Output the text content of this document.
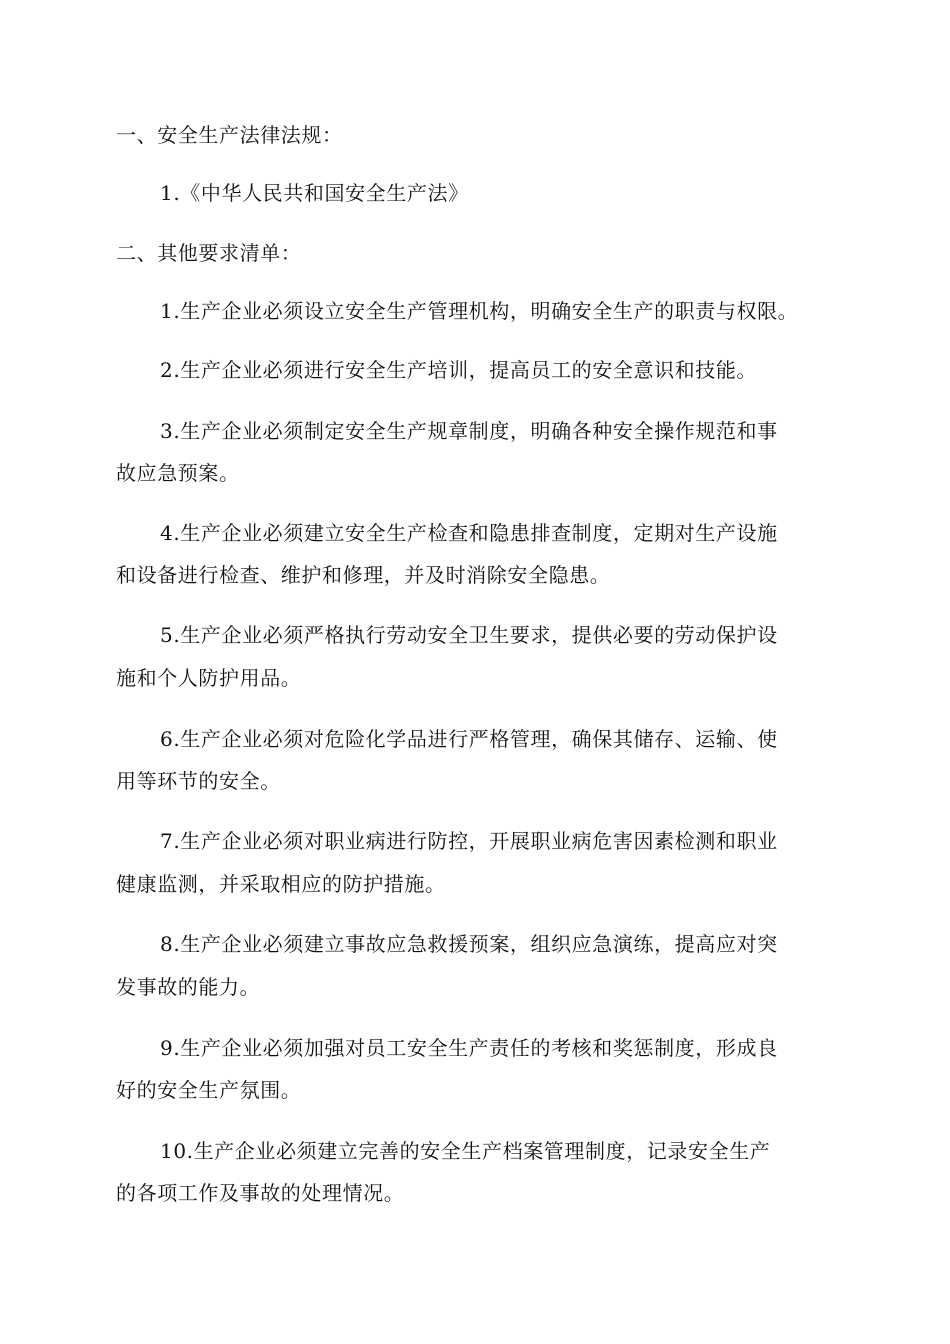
一、安全生产法律法规：
1.《中华人民共和国安全生产法》
二、其他要求清单：
1.生产企业必须设立安全生产管理机构，明确安全生产的职责与权限。
2.生产企业必须进行安全生产培训，提高员工的安全意识和技能。
3.生产企业必须制定安全生产规章制度，明确各种安全操作规范和事
故应急预案。
4.生产企业必须建立安全生产检查和隐患排查制度，定期对生产设施
和设备进行检查、维护和修理，并及时消除安全隐患。
5.生产企业必须严格执行劳动安全卫生要求，提供必要的劳动保护设
施和个人防护用品。
6.生产企业必须对危险化学品进行严格管理，确保其储存、运输、使
用等环节的安全。
7.生产企业必须对职业病进行防控，开展职业病危害因素检测和职业
健康监测，并采取相应的防护措施。
8.生产企业必须建立事故应急救援预案，组织应急演练，提高应对突
发事故的能力。
9.生产企业必须加强对员工安全生产责任的考核和奖惩制度，形成良
好的安全生产氛围。
10.生产企业必须建立完善的安全生产档案管理制度，记录安全生产
的各项工作及事故的处理情况。
